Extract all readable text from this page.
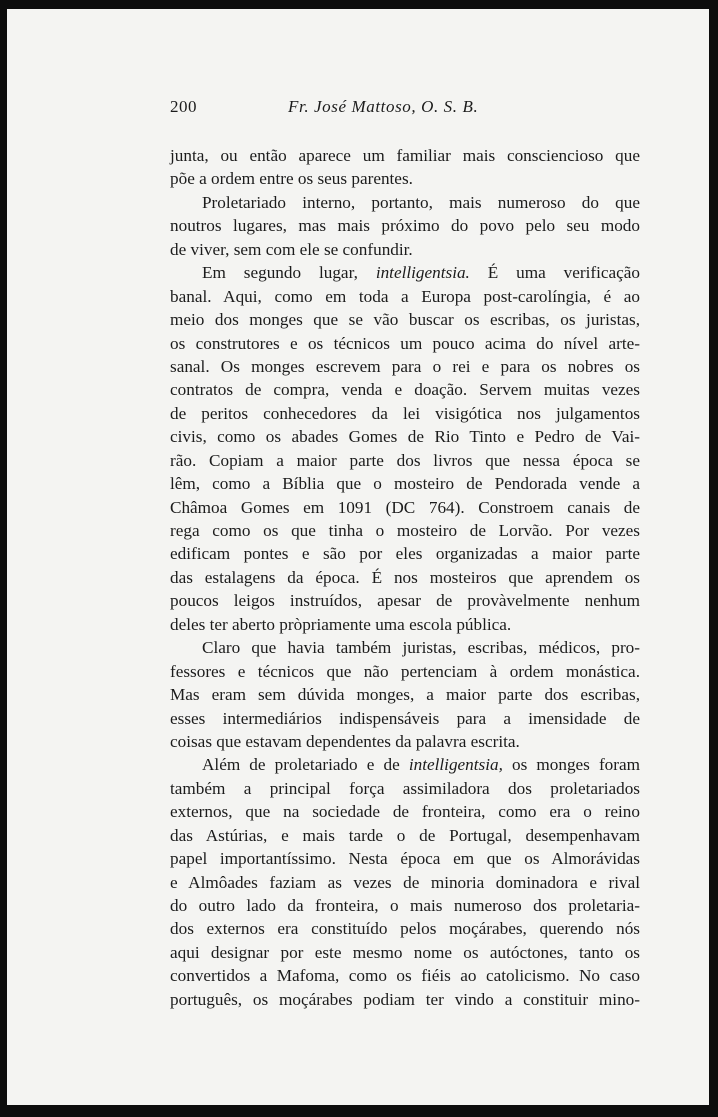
200	Fr. José Mattoso, O. S. B.
junta, ou então aparece um familiar mais consciencioso que
põe a ordem entre os seus parentes.
Proletariado interno, portanto, mais numeroso do que
noutros lugares, mas mais próximo do povo pelo seu modo
de viver, sem com ele se confundir.
Em segundo lugar, intelligentsia. É uma verificação
banal. Aqui, como em toda a Europa post-carolíngia, é ao
meio dos monges que se vão buscar os escribas, os juristas,
os construtores e os técnicos um pouco acima do nível arte-
sanal. Os monges escrevem para o rei e para os nobres os
contratos de compra, venda e doação. Servem muitas vezes
de peritos conhecedores da lei visigótica nos julgamentos
civis, como os abades Gomes de Rio Tinto e Pedro de Vai-
rão. Copiam a maior parte dos livros que nessa época se
lêm, como a Bíblia que o mosteiro de Pendorada vende a
Châmoa Gomes em 1091 (DC 764). Constroem canais de
rega como os que tinha o mosteiro de Lorvão. Por vezes
edificam pontes e são por eles organizadas a maior parte
das estalagens da época. É nos mosteiros que aprendem os
poucos leigos instruídos, apesar de provàvelmente nenhum
deles ter aberto pròpriamente uma escola pública.
Claro que havia também juristas, escribas, médicos, pro-
fessores e técnicos que não pertenciam à ordem monástica.
Mas eram sem dúvida monges, a maior parte dos escribas,
esses intermediários indispensáveis para a imensidade de
coisas que estavam dependentes da palavra escrita.
Além de proletariado e de intelligentsia, os monges foram
também a principal força assimiladora dos proletariados
externos, que na sociedade de fronteira, como era o reino
das Astúrias, e mais tarde o de Portugal, desempenhavam
papel importantíssimo. Nesta época em que os Almorávidas
e Almôades faziam as vezes de minoria dominadora e rival
do outro lado da fronteira, o mais numeroso dos proletaria-
dos externos era constituído pelos moçárabes, querendo nós
aqui designar por este mesmo nome os autóctones, tanto os
convertidos a Mafoma, como os fiéis ao catolicismo. No caso
português, os moçárabes podiam ter vindo a constituir mino-
